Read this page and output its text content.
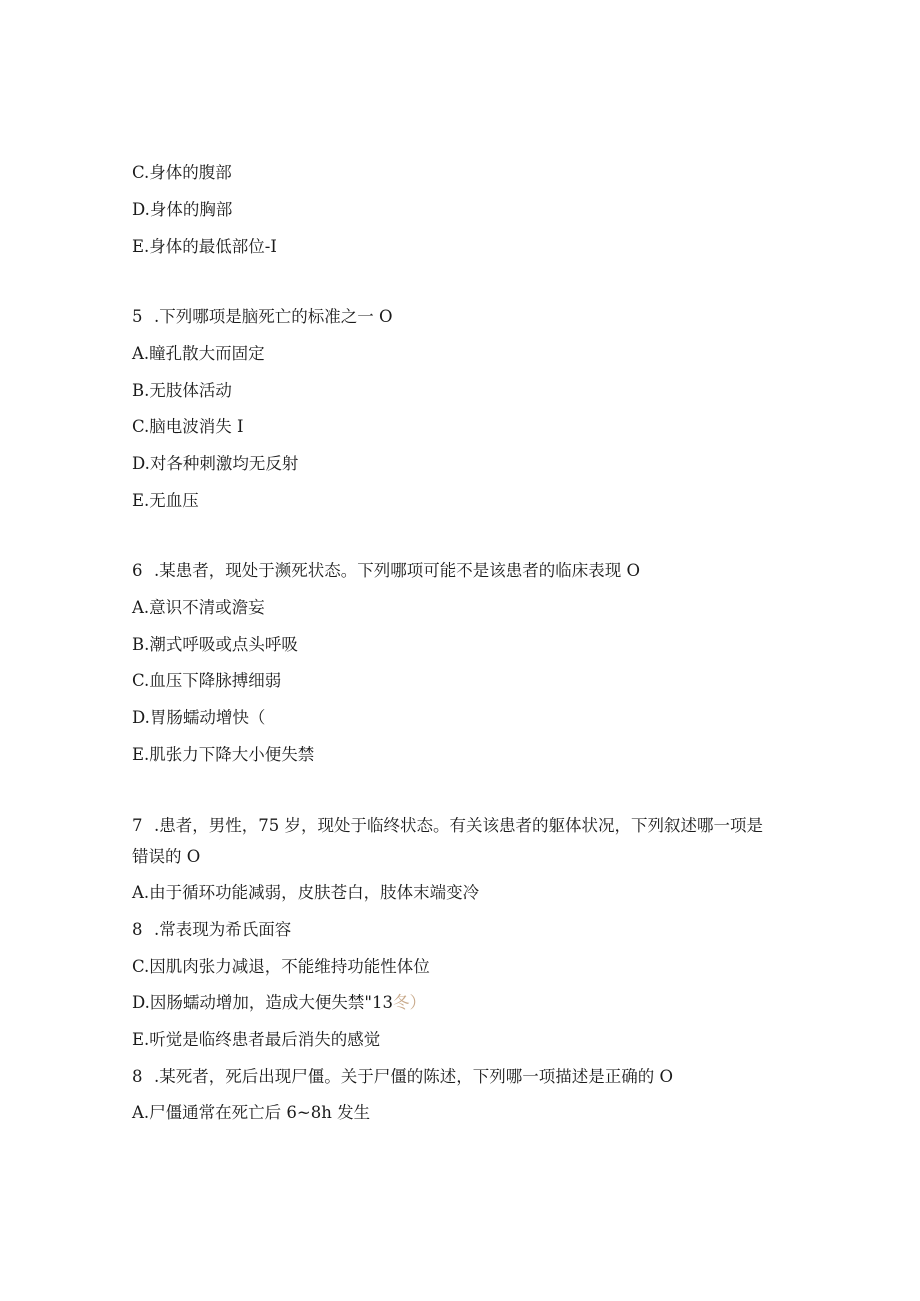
C.身体的腹部
D.身体的胸部
E.身体的最低部位-I
5 .下列哪项是脑死亡的标准之一 O
A.瞳孔散大而固定
B.无肢体活动
C.脑电波消失 I
D.对各种刺激均无反射
E.无血压
6 .某患者，现处于濒死状态。下列哪项可能不是该患者的临床表现 O
A.意识不清或澹妄
B.潮式呼吸或点头呼吸
C.血压下降脉搏细弱
D.胃肠蠕动增快（
E.肌张力下降大小便失禁
7 .患者，男性，75 岁，现处于临终状态。有关该患者的躯体状况，下列叙述哪一项是
错误的 O
A.由于循环功能减弱，皮肤苍白，肢体末端变冷
8 .常表现为希氏面容
C.因肌肉张力减退，不能维持功能性体位
D.因肠蠕动增加，造成大便失禁"13冬）
E.听觉是临终患者最后消失的感觉
8 .某死者，死后出现尸僵。关于尸僵的陈述，下列哪一项描述是正确的 O
A.尸僵通常在死亡后 6~8h 发生
